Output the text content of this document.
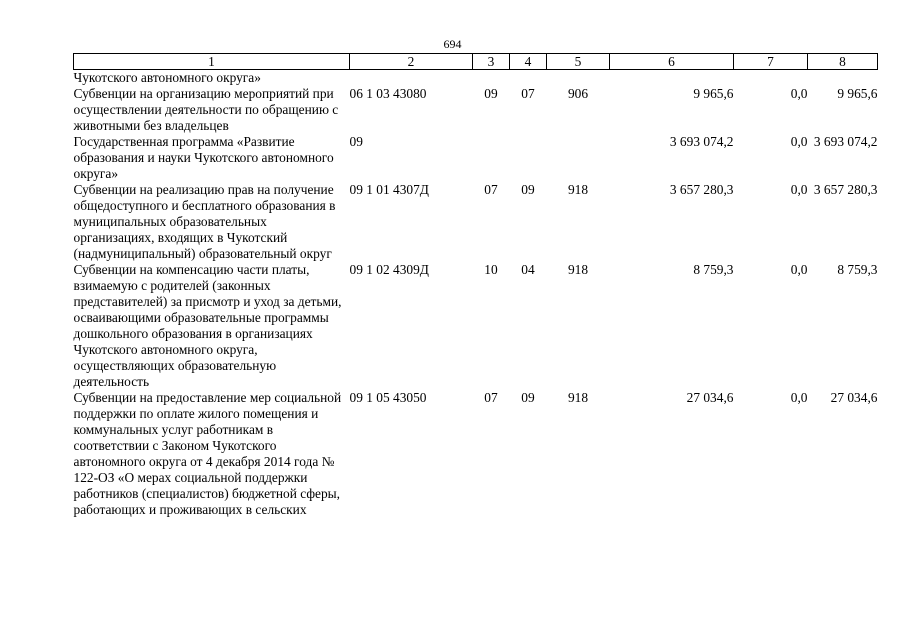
694
1	2	3	4	5	6	7	8
Чукотского автономного округа»							
Субвенции на организацию мероприятий при осуществлении деятельности по обращению с животными без владельцев	06 1 03 43080	09	07	906	9 965,6	0,0	9 965,6
Государственная программа «Развитие образования и науки Чукотского автономного округа»	09				3 693 074,2	0,0	3 693 074,2
Субвенции на реализацию прав на получение общедоступного и бесплатного образования в муниципальных образовательных организациях, входящих в Чукотский (надмуниципальный) образовательный округ	09 1 01 4307Д	07	09	918	3 657 280,3	0,0	3 657 280,3
Субвенции на компенсацию части платы, взимаемую с родителей (законных представителей) за присмотр и уход за детьми, осваивающими образовательные программы дошкольного образования в организациях Чукотского автономного округа, осуществляющих образовательную деятельность	09 1 02 4309Д	10	04	918	8 759,3	0,0	8 759,3
Субвенции на предоставление мер социальной поддержки по оплате жилого помещения и коммунальных услуг работникам в соответствии с Законом Чукотского автономного округа от 4 декабря 2014 года № 122-ОЗ «О мерах социальной поддержки работников (специалистов) бюджетной сферы, работающих и проживающих в сельских	09 1 05 43050	07	09	918	27 034,6	0,0	27 034,6
